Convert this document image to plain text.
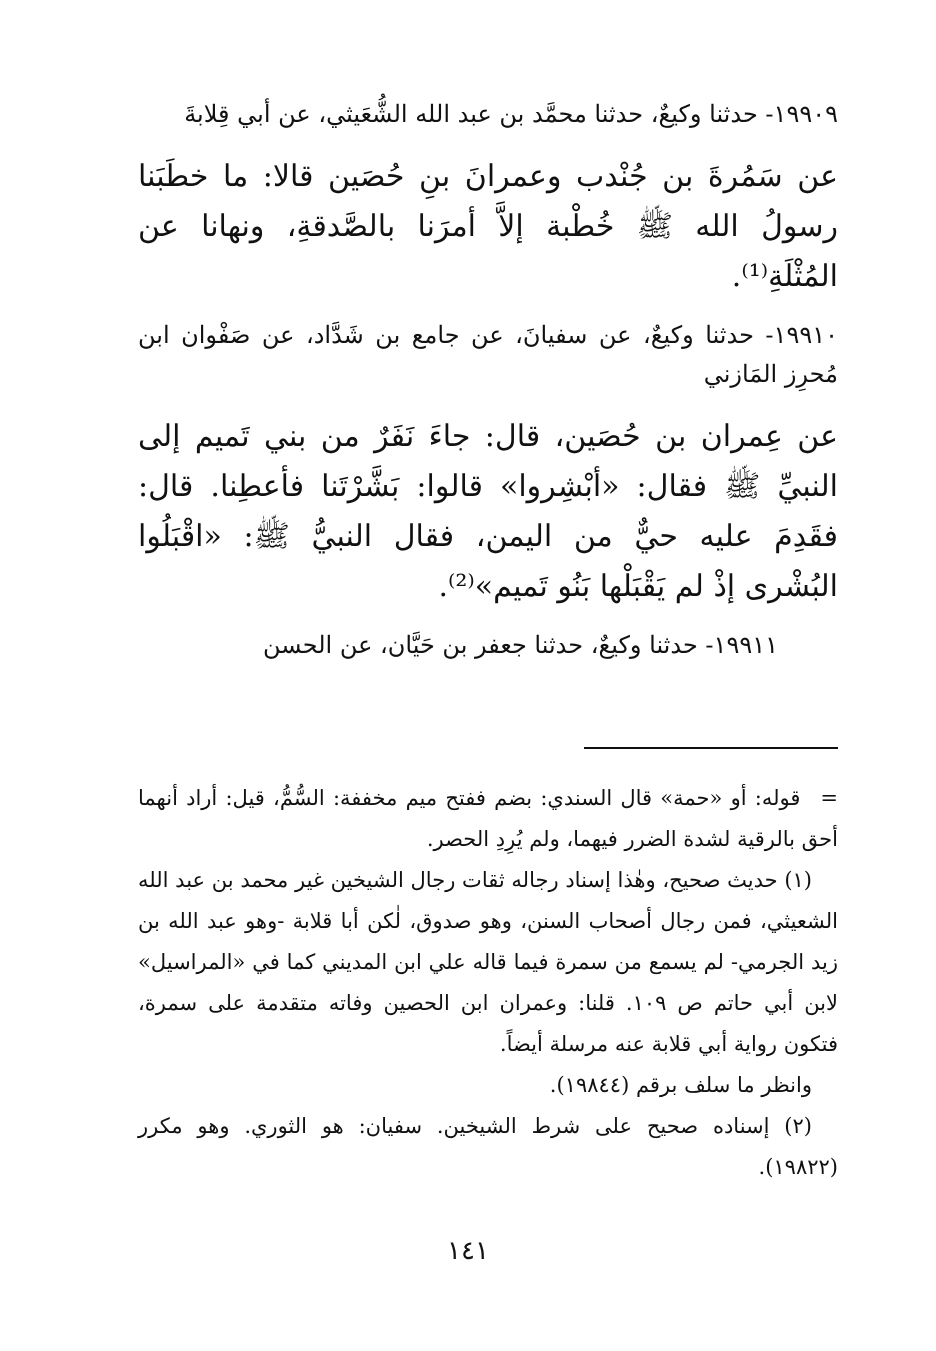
١٩٩٠٩- حدثنا وكيعٌ، حدثنا محمَّد بن عبد الله الشُّعَيثي، عن أبي قِلابةَ

عن سَمُرةَ بن جُنْدب وعمرانَ بنِ حُصَين قالا: ما خطَبَنا رسولُ الله ﷺ خُطْبة إلاَّ أمرَنا بالصَّدقةِ، ونهانا عن المُثْلَةِ⁽¹⁾.

١٩٩١٠- حدثنا وكيعٌ، عن سفيانَ، عن جامع بن شَدَّاد، عن صَفْوان ابن مُحرِز المَازني

عن عِمران بن حُصَين، قال: جاءَ نَفَرٌ من بني تَميم إلى النبيِّ ﷺ فقال: «أبْشِروا» قالوا: بَشَّرْتَنا فأعطِنا. قال: فقَدِمَ عليه حيٌّ من اليمن، فقال النبيُّ ﷺ: «اقْبَلُوا البُشْرى إذْ لم يَقْبَلْها بَنُو تَميم»⁽²⁾.

١٩٩١١- حدثنا وكيعٌ، حدثنا جعفر بن حَيَّان، عن الحسن

=قوله: أو «حمة» قال السندي: بضم ففتح ميم مخففة: السُّمُّ، قيل: أراد أنهما أحق بالرقية لشدة الضرر فيهما، ولم يُرِدِ الحصر.

(١) حديث صحيح، وهٰذا إسناد رجاله ثقات رجال الشيخين غير محمد بن عبد الله الشعيثي، فمن رجال أصحاب السنن، وهو صدوق، لٰكن أبا قلابة -وهو عبد الله بن زيد الجرمي- لم يسمع من سمرة فيما قاله علي ابن المديني كما في «المراسيل» لابن أبي حاتم ص ١٠٩. قلنا: وعمران ابن الحصين وفاته متقدمة على سمرة، فتكون رواية أبي قلابة عنه مرسلة أيضاً.

وانظر ما سلف برقم (١٩٨٤٤).

(٢) إسناده صحيح على شرط الشيخين. سفيان: هو الثوري. وهو مكرر (١٩٨٢٢).

١٤١
